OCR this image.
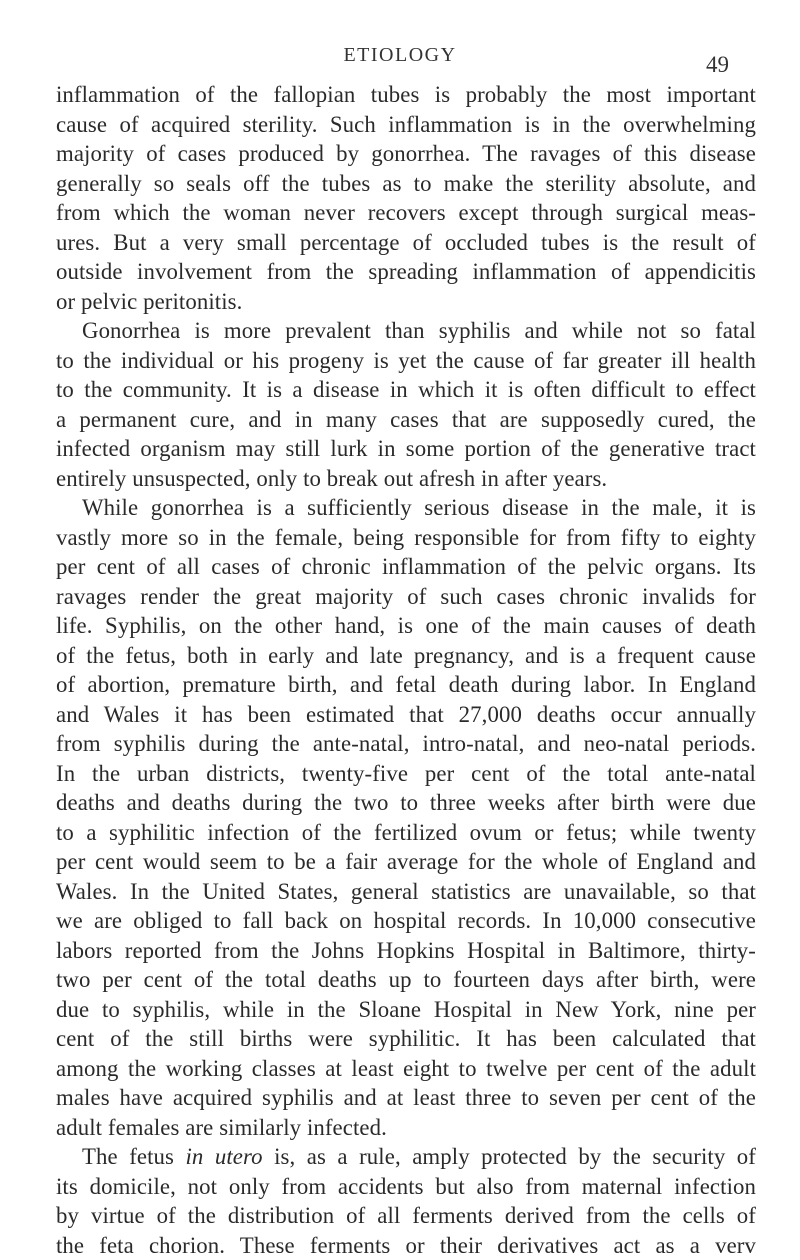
ETIOLOGY	49
inflammation of the fallopian tubes is probably the most important
cause of acquired sterility. Such inflammation is in the overwhelming
majority of cases produced by gonorrhea. The ravages of this disease
generally so seals off the tubes as to make the sterility absolute, and
from which the woman never recovers except through surgical meas-
ures. But a very small percentage of occluded tubes is the result of
outside involvement from the spreading inflammation of appendicitis
or pelvic peritonitis.
Gonorrhea is more prevalent than syphilis and while not so fatal
to the individual or his progeny is yet the cause of far greater ill health
to the community. It is a disease in which it is often difficult to effect
a permanent cure, and in many cases that are supposedly cured, the
infected organism may still lurk in some portion of the generative tract
entirely unsuspected, only to break out afresh in after years.
While gonorrhea is a sufficiently serious disease in the male, it is
vastly more so in the female, being responsible for from fifty to eighty
per cent of all cases of chronic inflammation of the pelvic organs. Its
ravages render the great majority of such cases chronic invalids for
life. Syphilis, on the other hand, is one of the main causes of death
of the fetus, both in early and late pregnancy, and is a frequent cause
of abortion, premature birth, and fetal death during labor. In England
and Wales it has been estimated that 27,000 deaths occur annually
from syphilis during the ante-natal, intro-natal, and neo-natal periods.
In the urban districts, twenty-five per cent of the total ante-natal
deaths and deaths during the two to three weeks after birth were due
to a syphilitic infection of the fertilized ovum or fetus; while twenty
per cent would seem to be a fair average for the whole of England and
Wales. In the United States, general statistics are unavailable, so that
we are obliged to fall back on hospital records. In 10,000 consecutive
labors reported from the Johns Hopkins Hospital in Baltimore, thirty-
two per cent of the total deaths up to fourteen days after birth, were
due to syphilis, while in the Sloane Hospital in New York, nine per
cent of the still births were syphilitic. It has been calculated that
among the working classes at least eight to twelve per cent of the adult
males have acquired syphilis and at least three to seven per cent of the
adult females are similarly infected.
The fetus in utero is, as a rule, amply protected by the security of
its domicile, not only from accidents but also from maternal infection
by virtue of the distribution of all ferments derived from the cells of
the feta chorion. These ferments or their derivatives act as a verv
